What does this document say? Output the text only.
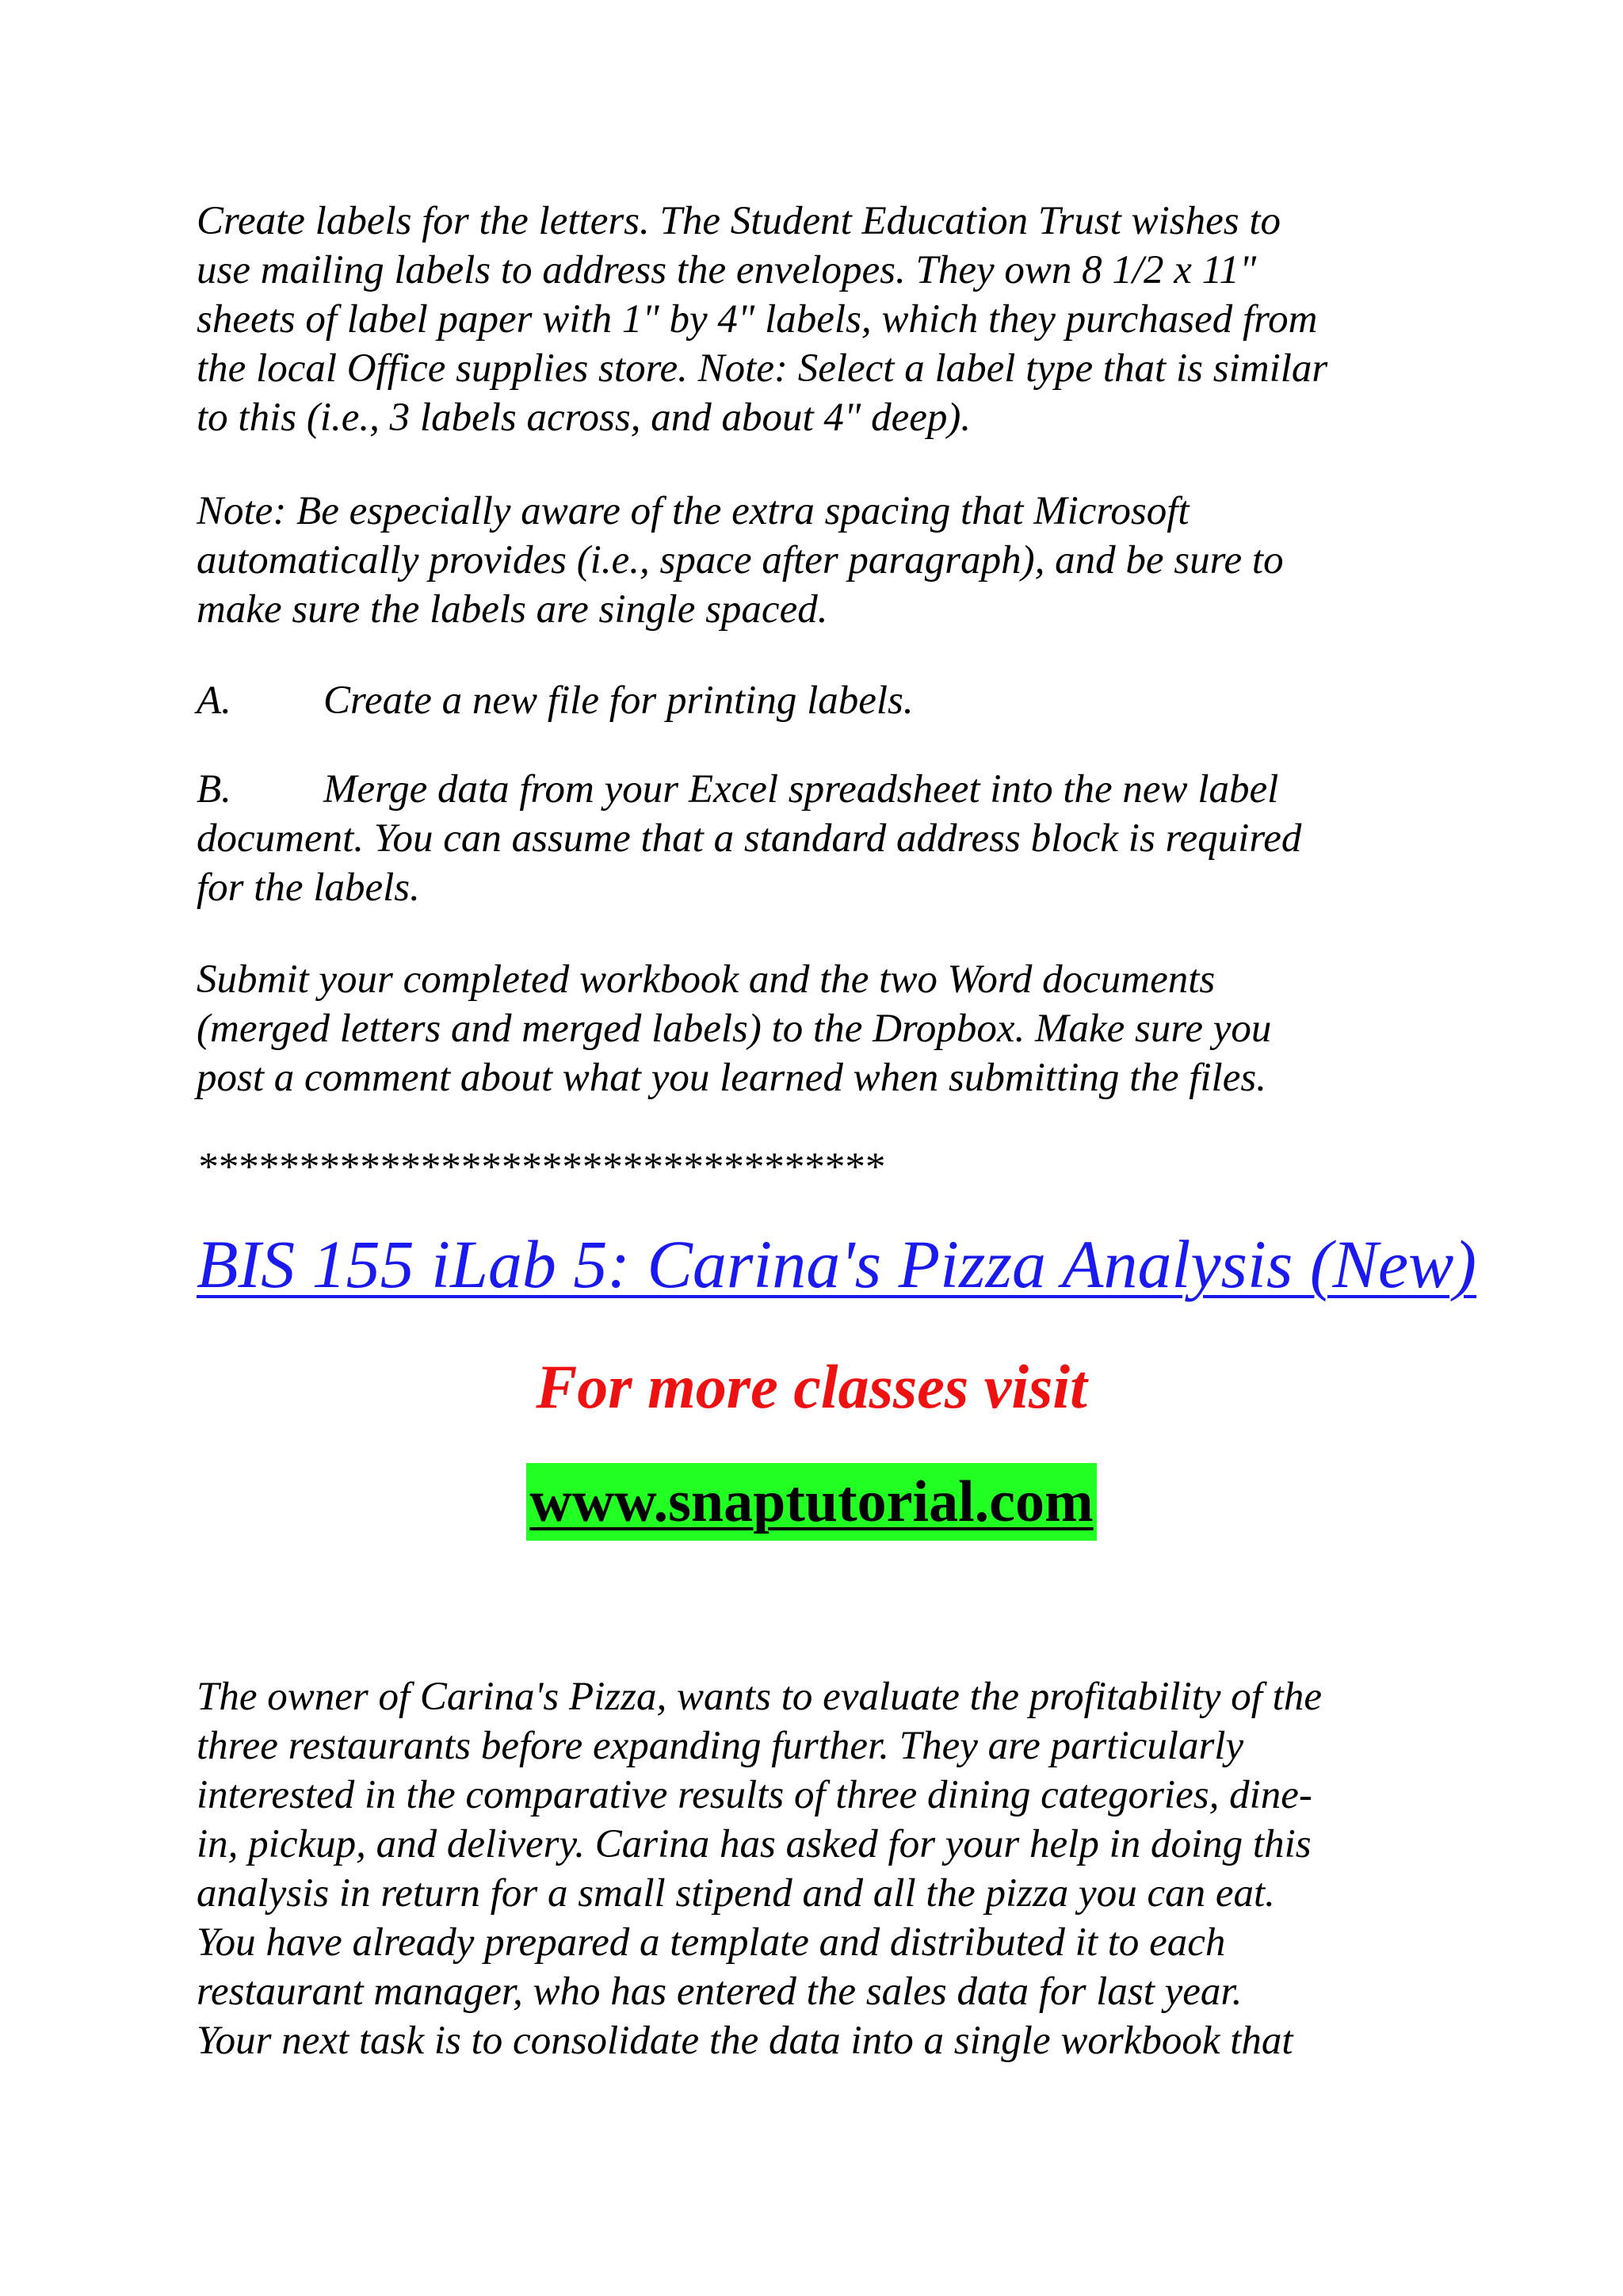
Create labels for the letters. The Student Education Trust wishes to
use mailing labels to address the envelopes. They own 8 1/2 x 11"
sheets of label paper with 1" by 4" labels, which they purchased from
the local Office supplies store. Note: Select a label type that is similar
to this (i.e., 3 labels across, and about 4" deep).

Note: Be especially aware of the extra spacing that Microsoft
automatically provides (i.e., space after paragraph), and be sure to
make sure the labels are single spaced.

A. Create a new file for printing labels.

B. Merge data from your Excel spreadsheet into the new label
document. You can assume that a standard address block is required
for the labels.

Submit your completed workbook and the two Word documents
(merged letters and merged labels) to the Dropbox. Make sure you
post a comment about what you learned when submitting the files.

**********************************

BIS 155 iLab 5: Carina's Pizza Analysis (New)

For more classes visit

www.snaptutorial.com

The owner of Carina's Pizza, wants to evaluate the profitability of the
three restaurants before expanding further. They are particularly
interested in the comparative results of three dining categories, dine-
in, pickup, and delivery. Carina has asked for your help in doing this
analysis in return for a small stipend and all the pizza you can eat.
You have already prepared a template and distributed it to each
restaurant manager, who has entered the sales data for last year.
Your next task is to consolidate the data into a single workbook that
